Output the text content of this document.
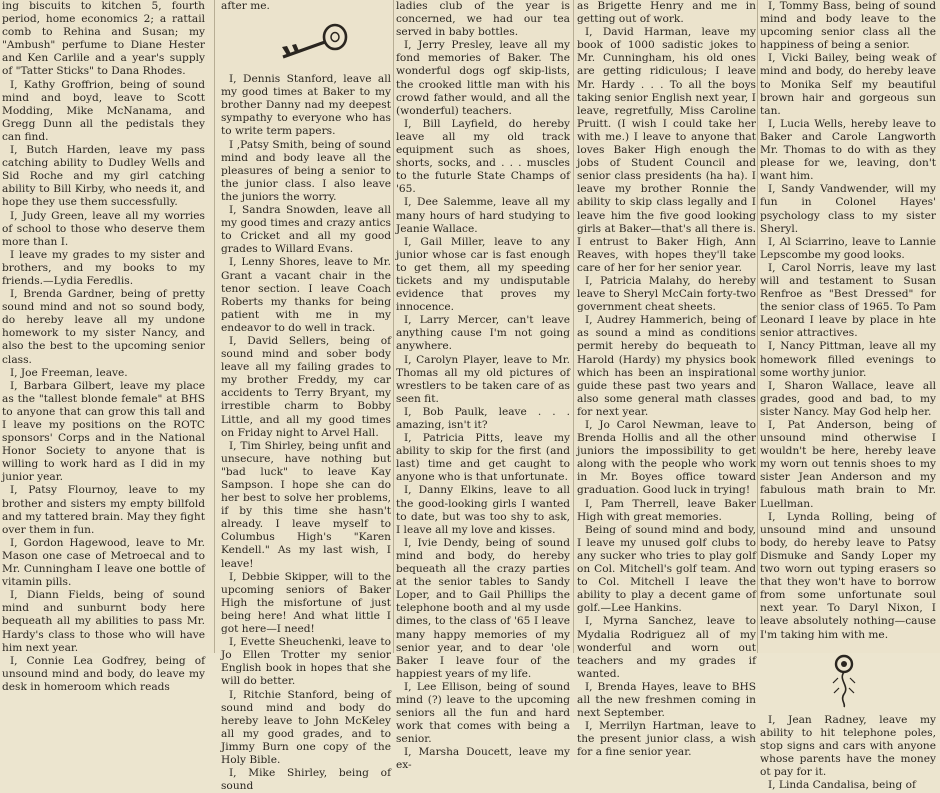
ing biscuits to kitchen 5, fourth period, home economics 2; a rattail comb to Rehina and Susan; my "Ambush" perfume to Diane Hester and Ken Carlile and a year's supply of "Tatter Sticks" to Dana Rhodes.

I, Kathy Groffrion, being of sound mind and boyd, leave to Scott Modding, Mike McNanama, and Gregg Dunn all the pedistals they can find.

I, Butch Harden, leave my pass catching ability to Dudley Wells and Sid Roche and my girl catching ability to Bill Kirby, who needs it, and hope they use them successfully.

I, Judy Green, leave all my worries of school to those who deserve them more than I.

I leave my grades to my sister and brothers, and my books to my friends.—Lydia Feredlis.

I, Brenda Gardner, being of pretty sound mind and not so sound body, do hereby leave all my undone homework to my sister Nancy, and also the best to the upcoming senior class.

I, Joe Freeman, leave.

I, Barbara Gilbert, leave my place as the "tallest blonde female" at BHS to anyone that can grow this tall and I leave my positions on the ROTC sponsors' Corps and in the National Honor Society to anyone that is willing to work hard as I did in my junior year.

I, Patsy Flournoy, leave to my brother and sisters my empty billfold and my tattered brain. May they fight over them in fun.

I, Gordon Hagewood, leave to Mr. Mason one case of Metroecal and to Mr. Cunningham I leave one bottle of vitamin pills.

I, Diann Fields, being of sound mind and sunburnt body here bequeath all my abilities to pass Mr. Hardy's class to those who will have him next year.

I, Connie Lea Godfrey, being of unsound mind and body, do leave my desk in homeroom which reads

after me.

I, Dennis Stanford, leave all my good times at Baker to my brother Danny nad my deepest sympathy to everyone who has to write term papers.

I ,Patsy Smith, being of sound mind and body leave all the pleasures of being a senior to the junior class. I also leave the juniors the worry.

I, Sandra Snowden, leave all my good times and crazy antics to Cricket and all my good grades to Willard Evans.

I, Lenny Shores, leave to Mr. Grant a vacant chair in the tenor section. I leave Coach Roberts my thanks for being patient with me in my endeavor to do well in track.

I, David Sellers, being of sound mind and sober body leave all my failing grades to my brother Freddy, my car accidents to Terry Bryant, my irrestible charm to Bobby Little, and all my good times on Friday night to Arvel Hall.

I, Tim Shirley, being unfit and unsecure, have nothing but "bad luck" to leave Kay Sampson. I hope she can do her best to solve her problems, if by this time she hasn't already. I leave myself to Columbus High's "Karen Kendell." As my last wish, I leave!

I, Debbie Skipper, will to the upcoming seniors of Baker High the misfortune of just being here! And what little I got here—I need!

I, Evette Sheuchenki, leave to Jo Ellen Trotter my senior English book in hopes that she will do better.

I, Ritchie Stanford, being of sound mind and body do hereby leave to John McKeley all my good grades, and to Jimmy Burn one copy of the Holy Bible.

I, Mike Shirley, being of sound

ladies club of the year is concerned, we had our tea served in baby bottles.

I, Jerry Presley, leave all my fond memories of Baker. The wonderful dogs ogf skip-lists, the crooked little man with his crowd father would, and all the (wonderful) teachers.

I, Bill Layfield, do hereby leave all my old track equipment such as shoes, shorts, socks, and . . . muscles to the futurle State Champs of '65.

I, Dee Salemme, leave all my many hours of hard studying to Jeanie Wallace.

I, Gail Miller, leave to any junior whose car is fast enough to get them, all my speeding tickets and my undisputable evidence that proves my innocence.

I, Larry Mercer, can't leave anything cause I'm not going anywhere.

I, Carolyn Player, leave to Mr. Thomas all my old pictures of wrestlers to be taken care of as seen fit.

I, Bob Paulk, leave . . . amazing, isn't it?

I, Patricia Pitts, leave my ability to skip for the first (and last) time and get caught to anyone who is that unfortunate.

I, Danny Elkins, leave to all the good-looking girls I wanted to date, but was too shy to ask, I leave all my love and kisses.

I, Ivie Dendy, being of sound mind and body, do hereby bequeath all the crazy parties at the senior tables to Sandy Loper, and to Gail Phillips the telephone booth and al my usde dimes, to the class of '65 I leave many happy memories of my senior year, and to dear 'ole Baker I leave four of the happiest years of my life.

I, Lee Ellison, being of sound mind (?) leave to the upcoming seniors all the fun and hard work that comes with being a senior.

I, Marsha Doucett, leave my ex-

as Brigette Henry and me in getting out of work.

I, David Harman, leave my book of 1000 sadistic jokes to Mr. Cunningham, his old ones are getting ridiculous; I leave Mr. Hardy . . . To all the boys taking senior English next year, I leave, regretfully, Miss Caroline Pruitt. (I wish I could take her with me.) I leave to anyone that loves Baker High enough the jobs of Student Council and senior class presidents (ha ha). I leave my brother Ronnie the ability to skip class legally and I leave him the five good looking girls at Baker—that's all there is. I entrust to Baker High, Ann Reaves, with hopes they'll take care of her for her senior year.

I, Patricia Malahy, do hereby leave to Sheryl McCain forty-two government cheat sheets.

I, Audrey Hammerich, being of as sound a mind as conditions permit hereby do bequeath to Harold (Hardy) my physics book which has been an inspirational guide these past two years and also some general math classes for next year.

I, Jo Carol Newman, leave to Brenda Hollis and all the other juniors the impossibility to get along with the people who work in Mr. Boyes office toward graduation. Good luck in trying!

I, Pam Therrell, leave Baker High with great memories.

Being of sound mind and body, I leave my unused golf clubs to any sucker who tries to play golf on Col. Mitchell's golf team. And to Col. Mitchell I leave the ability to play a decent game of golf.—Lee Hankins.

I, Myrna Sanchez, leave to Mydalia Rodriguez all of my wonderful and worn out teachers and my grades if wanted.

I, Brenda Hayes, leave to BHS all the new freshmen coming in next September.

I, Merrilyn Hartman, leave to the present junior class, a wish for a fine senior year.

I, Tommy Bass, being of sound mind and body leave to the upcoming senior class all the happiness of being a senior.

I, Vicki Bailey, being weak of mind and body, do hereby leave to Monika Self my beautiful brown hair and gorgeous sun tan.

I, Lucia Wells, hereby leave to Baker and Carole Langworth Mr. Thomas to do with as they please for we, leaving, don't want him.

I, Sandy Vandwender, will my fun in Colonel Hayes' psychology class to my sister Sheryl.

I, Al Sciarrino, leave to Lannie Lepscombe my good looks.

I, Carol Norris, leave my last will and testament to Susan Renfroe as "Best Dressed" for the senior class of 1965. To Pam Leonard I leave by place in hte senior attractives.

I, Nancy Pittman, leave all my homework filled evenings to some worthy junior.

I, Sharon Wallace, leave all grades, good and bad, to my sister Nancy. May God help her.

I, Pat Anderson, being of unsound mind otherwise I wouldn't be here, hereby leave my worn out tennis shoes to my sister Jean Anderson and my fabulous math brain to Mr. Luellman.

I, Lynda Rolling, being of unsound mind and unsound body, do hereby leave to Patsy Dismuke and Sandy Loper my two worn out typing erasers so that they won't have to borrow from some unfortunate soul next year. To Daryl Nixon, I leave absolutely nothing—cause I'm taking him with me.

I, Jean Radney, leave my ability to hit telephone poles, stop signs and cars with anyone whose parents have the money ot pay for it.

I, Linda Candalisa, being of
